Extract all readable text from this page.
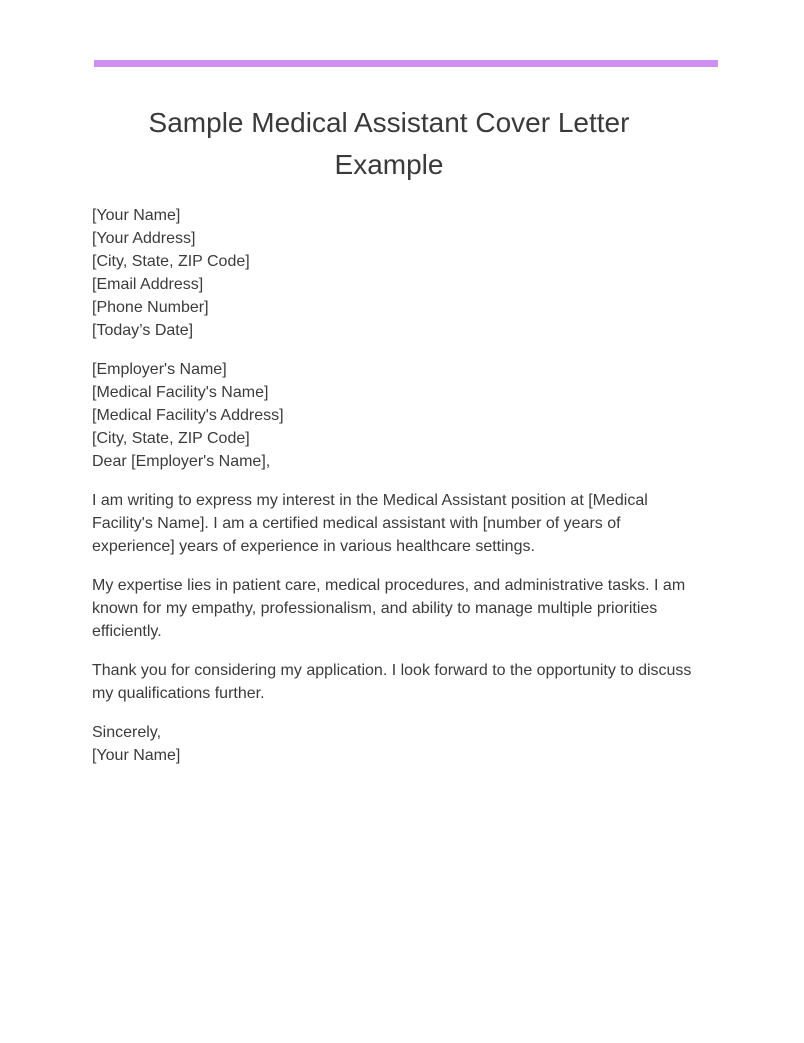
Sample Medical Assistant Cover Letter Example
[Your Name]
[Your Address]
[City, State, ZIP Code]
[Email Address]
[Phone Number]
[Today’s Date]
[Employer's Name]
[Medical Facility's Name]
[Medical Facility's Address]
[City, State, ZIP Code]
Dear [Employer's Name],

I am writing to express my interest in the Medical Assistant position at [Medical Facility's Name]. I am a certified medical assistant with [number of years of experience] years of experience in various healthcare settings.

My expertise lies in patient care, medical procedures, and administrative tasks. I am known for my empathy, professionalism, and ability to manage multiple priorities efficiently.

Thank you for considering my application. I look forward to the opportunity to discuss my qualifications further.

Sincerely,
[Your Name]
